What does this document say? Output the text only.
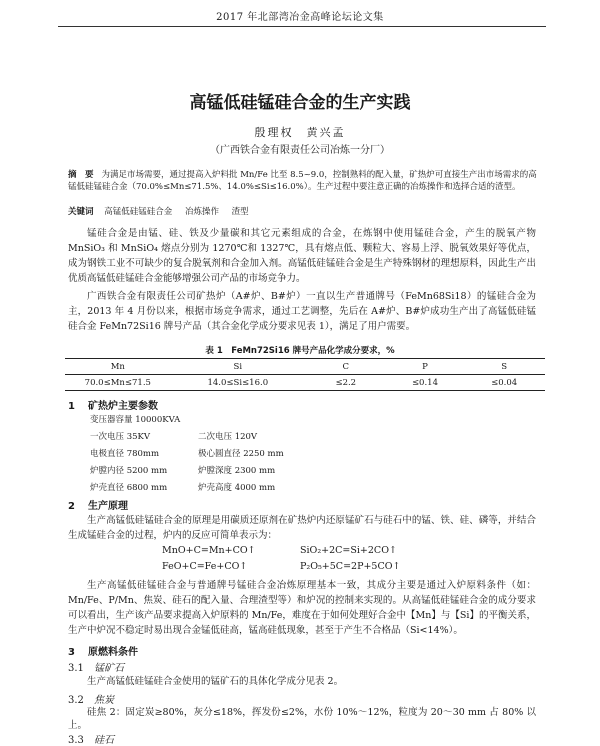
2017 年北部湾冶金高峰论坛论文集
高锰低硅锰硅合金的生产实践
殷理权　黄兴孟
（广西铁合金有限责任公司冶炼一分厂）
摘　要 为满足市场需要，通过提高入炉料批 Mn/Fe 比至 8.5~9.0，控制熟料的配入量，矿热炉可直接生产出市场需求的高锰低硅锰硅合金（70.0%≤Mn≤71.5%、14.0%≤Si≤16.0%）。生产过程中要注意正确的冶炼操作和选择合适的渣型。
关键词 高锰低硅锰硅合金 冶炼操作 渣型

锰硅合金是由锰、硅、铁及少量碳和其它元素组成的合金，在炼钢中使用锰硅合金，产生的脱氧产物 MnSiO₃ 和 MnSiO₄ 熔点分别为 1270℃和 1327℃，具有熔点低、颗粒大、容易上浮、脱氧效果好等优点，成为钢铁工业不可缺少的复合脱氧剂和合金加入剂。高锰低硅锰硅合金是生产特殊钢材的理想原料，因此生产出优质高锰低硅锰硅合金能够增强公司产品的市场竞争力。

广西铁合金有限责任公司矿热炉（A#炉、B#炉）一直以生产普通牌号（FeMn68Si18）的锰硅合金为主，2013 年 4 月份以来，根据市场竞争需求，通过工艺调整，先后在 A#炉、B#炉成功生产出了高锰低硅锰硅合金 FeMn72Si16 牌号产品（其合金化学成分要求见表 1），满足了用户需要。

表 1　FeMn72Si16 牌号产品化学成分要求，%
Mn	Si	C	P	S
70.0≤Mn≤71.5	14.0≤Si≤16.0	≤2.2	≤0.14	≤0.04
1 矿热炉主要参数
变压器容量 10000KVA
一次电压 35KV	二次电压 120V
电极直径 780mm	极心圆直径 2250 mm
炉膛内径 5200 mm	炉膛深度 2300 mm
炉壳直径 6800 mm	炉壳高度 4000 mm
2 生产原理

生产高锰低硅锰硅合金的原理是用碳质还原剂在矿热炉内还原锰矿石与硅石中的锰、铁、硅、磷等，并结合生成锰硅合金的过程，炉内的反应可简单表示为：

MnO+C=Mn+CO↑	SiO₂+2C=Si+2CO↑
FeO+C=Fe+CO↑	P₂O₅+5C=2P+5CO↑

生产高锰低硅锰硅合金与普通牌号锰硅合金冶炼原理基本一致，其成分主要是通过入炉原料条件（如：Mn/Fe、P/Mn、焦炭、硅石的配入量、合理渣型等）和炉况的控制来实现的。从高锰低硅锰硅合金的成分要求可以看出，生产该产品要求提高入炉原料的 Mn/Fe，难度在于如何处理好合金中【Mn】与【Si】的平衡关系，生产中炉况不稳定时易出现合金锰低硅高，锰高硅低现象，甚至于产生不合格品（Si<14%）。

3 原燃料条件
3.1 锰矿石

生产高锰低硅锰硅合金使用的锰矿石的具体化学成分见表 2。

3.2 焦炭

硅焦 2：固定炭≥80%，灰分≤18%，挥发份≤2%，水份 10%～12%，粒度为 20～30 mm 占 80% 以上。

3.3 硅石
